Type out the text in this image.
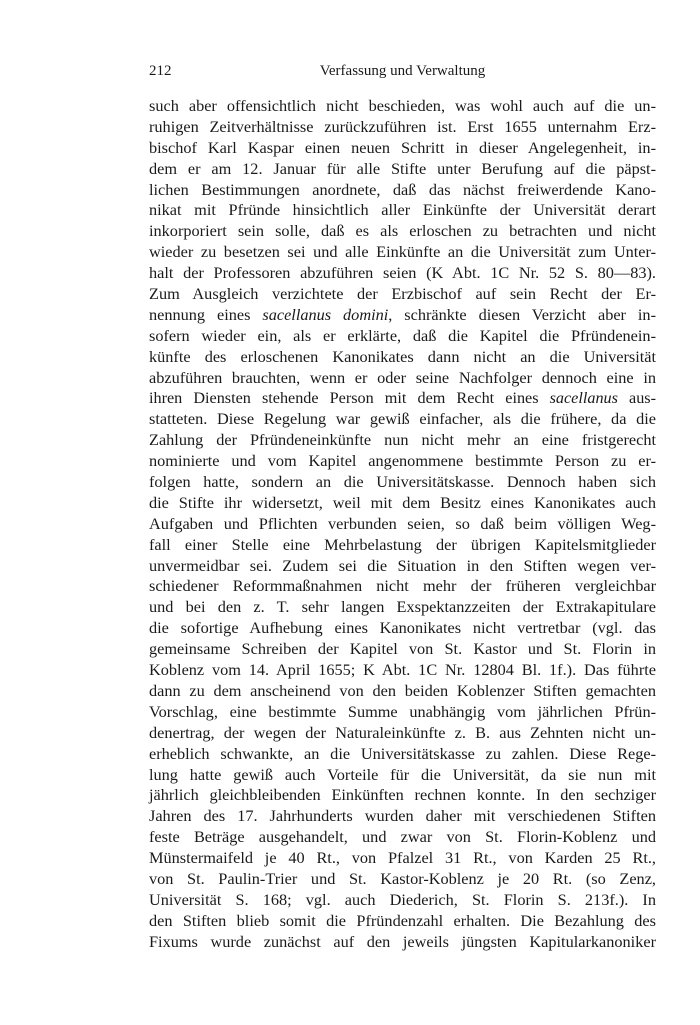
212	Verfassung und Verwaltung
such aber offensichtlich nicht beschieden, was wohl auch auf die un-
ruhigen Zeitverhältnisse zurückzuführen ist. Erst 1655 unternahm Erz-
bischof Karl Kaspar einen neuen Schritt in dieser Angelegenheit, in-
dem er am 12. Januar für alle Stifte unter Berufung auf die päpst-
lichen Bestimmungen anordnete, daß das nächst freiwerdende Kano-
nikat mit Pfründe hinsichtlich aller Einkünfte der Universität derart
inkorporiert sein solle, daß es als erloschen zu betrachten und nicht
wieder zu besetzen sei und alle Einkünfte an die Universität zum Unter-
halt der Professoren abzuführen seien (K Abt. 1C Nr. 52 S. 80—83).
Zum Ausgleich verzichtete der Erzbischof auf sein Recht der Er-
nennung eines sacellanus domini, schränkte diesen Verzicht aber in-
sofern wieder ein, als er erklärte, daß die Kapitel die Pfründenein-
künfte des erloschenen Kanonikates dann nicht an die Universität
abzuführen brauchten, wenn er oder seine Nachfolger dennoch eine in
ihren Diensten stehende Person mit dem Recht eines sacellanus aus-
statteten. Diese Regelung war gewiß einfacher, als die frühere, da die
Zahlung der Pfründeneinkünfte nun nicht mehr an eine fristgerecht
nominierte und vom Kapitel angenommene bestimmte Person zu er-
folgen hatte, sondern an die Universitätskasse. Dennoch haben sich
die Stifte ihr widersetzt, weil mit dem Besitz eines Kanonikates auch
Aufgaben und Pflichten verbunden seien, so daß beim völligen Weg-
fall einer Stelle eine Mehrbelastung der übrigen Kapitelsmitglieder
unvermeidbar sei. Zudem sei die Situation in den Stiften wegen ver-
schiedener Reformmaßnahmen nicht mehr der früheren vergleichbar
und bei den z. T. sehr langen Exspektanzzeiten der Extrakapitulare
die sofortige Aufhebung eines Kanonikates nicht vertretbar (vgl. das
gemeinsame Schreiben der Kapitel von St. Kastor und St. Florin in
Koblenz vom 14. April 1655; K Abt. 1C Nr. 12804 Bl. 1f.). Das führte
dann zu dem anscheinend von den beiden Koblenzer Stiften gemachten
Vorschlag, eine bestimmte Summe unabhängig vom jährlichen Pfrün-
denertrag, der wegen der Naturaleinkünfte z. B. aus Zehnten nicht un-
erheblich schwankte, an die Universitätskasse zu zahlen. Diese Rege-
lung hatte gewiß auch Vorteile für die Universität, da sie nun mit
jährlich gleichbleibenden Einkünften rechnen konnte. In den sechziger
Jahren des 17. Jahrhunderts wurden daher mit verschiedenen Stiften
feste Beträge ausgehandelt, und zwar von St. Florin-Koblenz und
Münstermaifeld je 40 Rt., von Pfalzel 31 Rt., von Karden 25 Rt.,
von St. Paulin-Trier und St. Kastor-Koblenz je 20 Rt. (so Zenz,
Universität S. 168; vgl. auch Diederich, St. Florin S. 213f.). In
den Stiften blieb somit die Pfründenzahl erhalten. Die Bezahlung des
Fixums wurde zunächst auf den jeweils jüngsten Kapitularkanoniker
